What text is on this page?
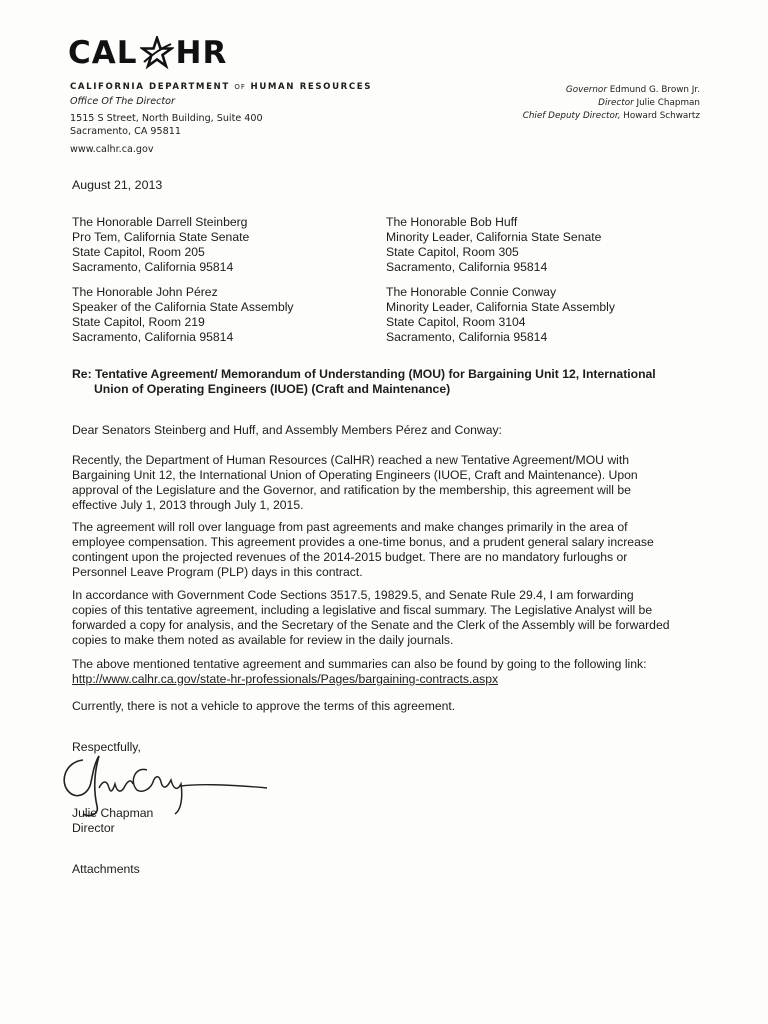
CAL HR
CALIFORNIA DEPARTMENT OF HUMAN RESOURCES
Office Of The Director
1515 S Street, North Building, Suite 400
Sacramento, CA 95811
www.calhr.ca.gov
Governor Edmund G. Brown Jr.
Director Julie Chapman
Chief Deputy Director, Howard Schwartz
August 21, 2013
The Honorable Darrell Steinberg
Pro Tem, California State Senate
State Capitol, Room 205
Sacramento, California 95814
The Honorable Bob Huff
Minority Leader, California State Senate
State Capitol, Room 305
Sacramento, California 95814
The Honorable John Pérez
Speaker of the California State Assembly
State Capitol, Room 219
Sacramento, California 95814
The Honorable Connie Conway
Minority Leader, California State Assembly
State Capitol, Room 3104
Sacramento, California 95814
Re: Tentative Agreement/ Memorandum of Understanding (MOU) for Bargaining Unit 12, International
Union of Operating Engineers (IUOE) (Craft and Maintenance)
Dear Senators Steinberg and Huff, and Assembly Members Pérez and Conway:
Recently, the Department of Human Resources (CalHR) reached a new Tentative Agreement/MOU with Bargaining Unit 12, the International Union of Operating Engineers (IUOE, Craft and Maintenance). Upon approval of the Legislature and the Governor, and ratification by the membership, this agreement will be effective July 1, 2013 through July 1, 2015.
The agreement will roll over language from past agreements and make changes primarily in the area of employee compensation. This agreement provides a one-time bonus, and a prudent general salary increase contingent upon the projected revenues of the 2014-2015 budget. There are no mandatory furloughs or Personnel Leave Program (PLP) days in this contract.
In accordance with Government Code Sections 3517.5, 19829.5, and Senate Rule 29.4, I am forwarding copies of this tentative agreement, including a legislative and fiscal summary. The Legislative Analyst will be forwarded a copy for analysis, and the Secretary of the Senate and the Clerk of the Assembly will be forwarded copies to make them noted as available for review in the daily journals.
The above mentioned tentative agreement and summaries can also be found by going to the following link:
http://www.calhr.ca.gov/state-hr-professionals/Pages/bargaining-contracts.aspx
Currently, there is not a vehicle to approve the terms of this agreement.
Respectfully,
Julie Chapman
Director
Attachments
